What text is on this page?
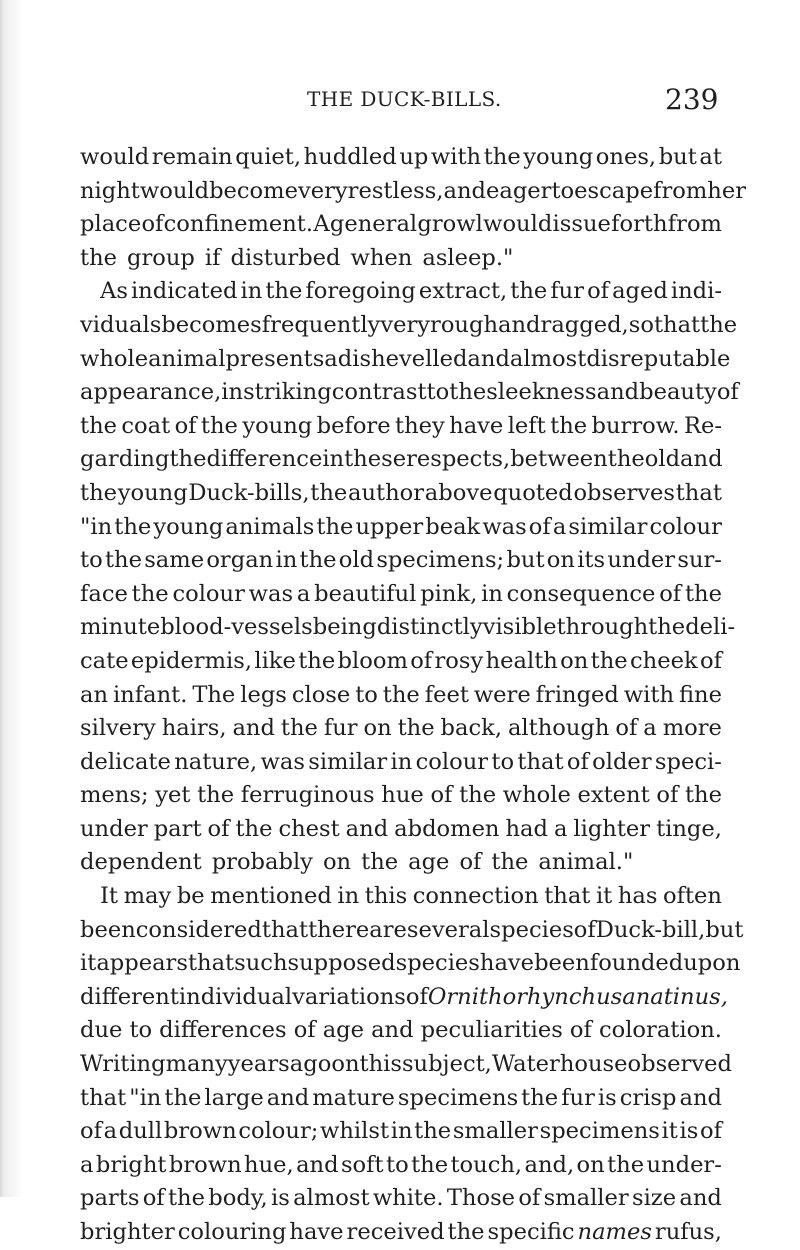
THE DUCK-BILLS.	239
would remain quiet, huddled up with the young ones, but at
night would become very restless, and eager to escape from her
place of confinement. A general growl would issue forth from
the group if disturbed when asleep."
As indicated in the foregoing extract, the fur of aged indi-
viduals becomes frequently very rough and ragged, so that the
whole animal presents a dishevelled and almost disreputable
appearance, in striking contrast to the sleekness and beauty of
the coat of the young before they have left the burrow. Re-
garding the difference in these respects, between the old and
the young Duck-bills, the author above quoted observes that
"in the young animals the upper beak was of a similar colour
to the same organ in the old specimens; but on its under sur-
face the colour was a beautiful pink, in consequence of the
minute blood-vessels being distinctly visible through the deli-
cate epidermis, like the bloom of rosy health on the cheek of
an infant. The legs close to the feet were fringed with fine
silvery hairs, and the fur on the back, although of a more
delicate nature, was similar in colour to that of older speci-
mens; yet the ferruginous hue of the whole extent of the
under part of the chest and abdomen had a lighter tinge,
dependent probably on the age of the animal."
It may be mentioned in this connection that it has often
been considered that there are several species of Duck-bill, but
it appears that such supposed species have been founded upon
different individual variations of Ornithorhynchus anatinus,
due to differences of age and peculiarities of coloration.
Writing many years ago on this subject, Waterhouse observed
that "in the large and mature specimens the fur is crisp and
of a dull brown colour; whilst in the smaller specimens it is of
a bright brown hue, and soft to the touch, and, on the under-
parts of the body, is almost white. Those of smaller size and
brighter colouring have received the specific names rufus,
